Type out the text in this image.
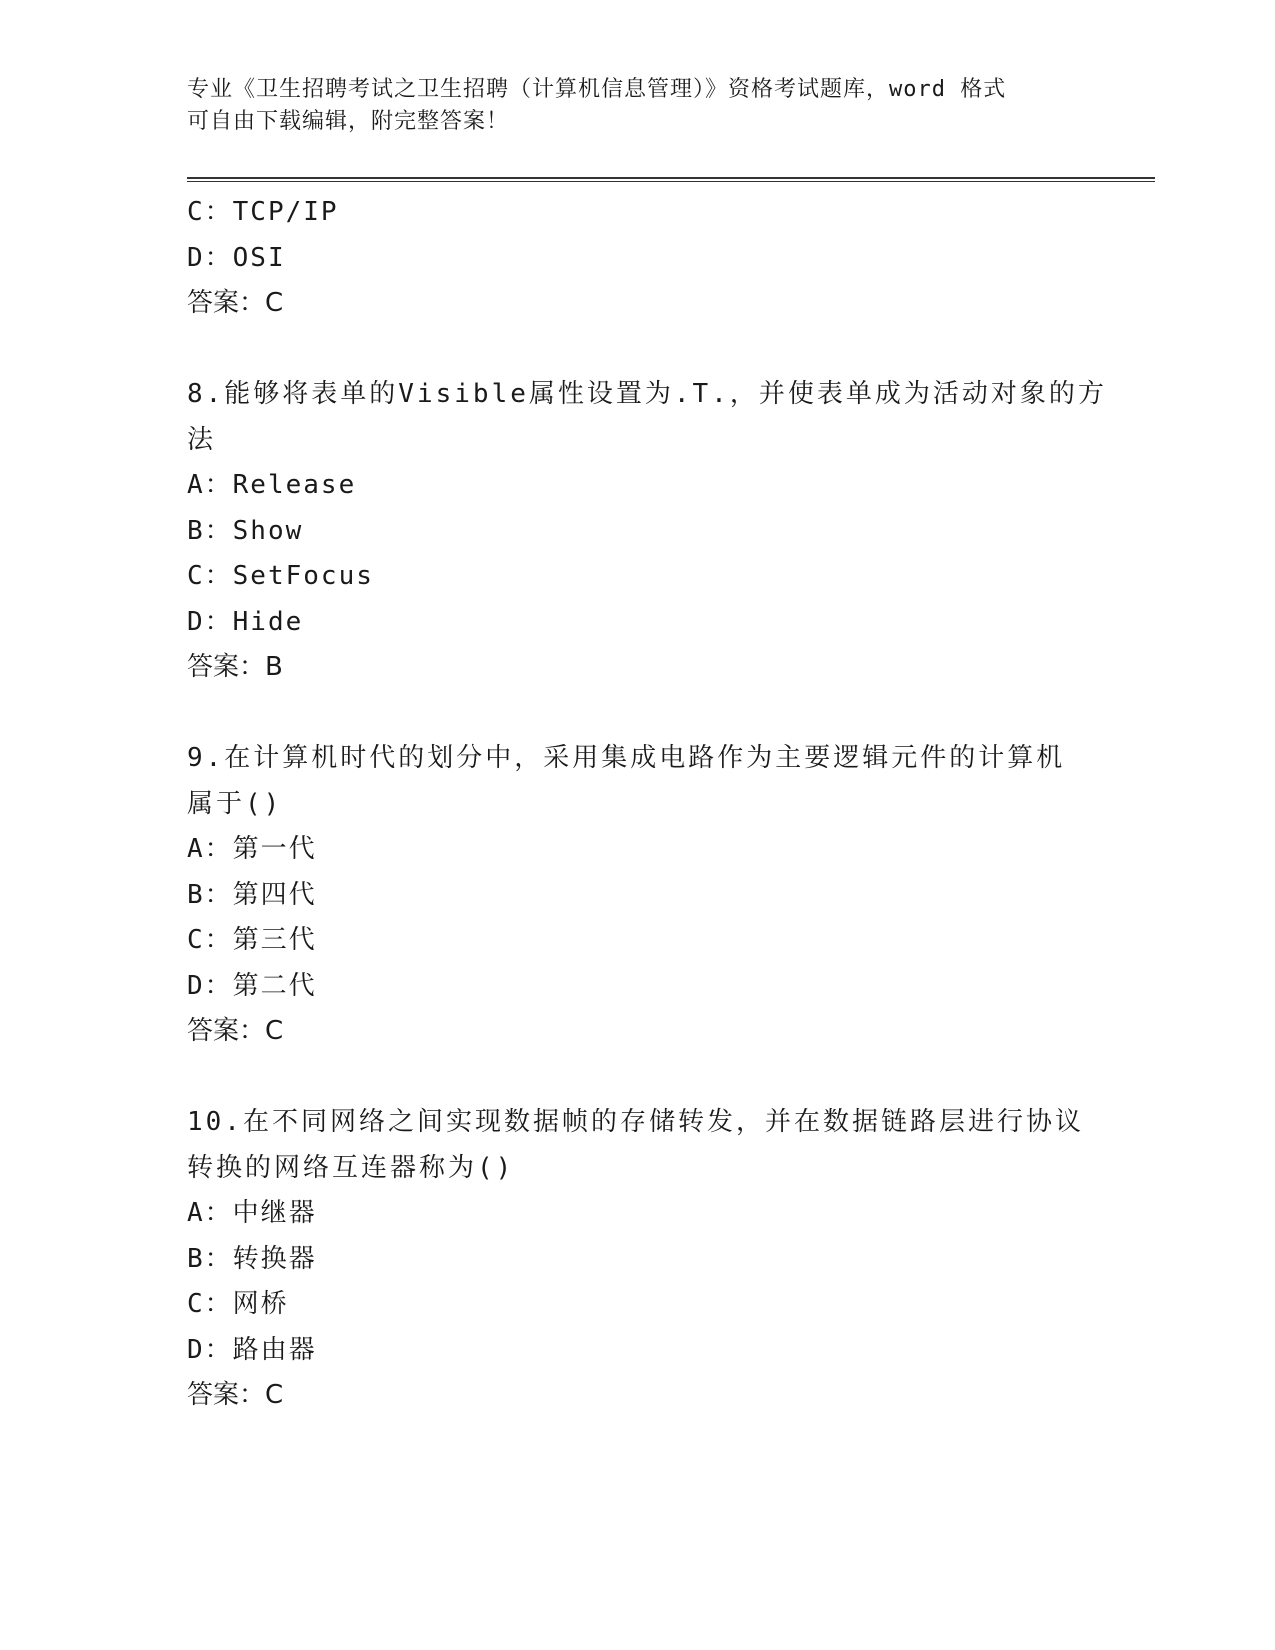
专业《卫生招聘考试之卫生招聘（计算机信息管理）》资格考试题库，word 格式
可自由下载编辑，附完整答案！
C：TCP/IP
D：OSI
答案：C
8.能够将表单的Visible属性设置为.T.，并使表单成为活动对象的方
法
A：Release
B：Show
C：SetFocus
D：Hide
答案：B
9.在计算机时代的划分中，采用集成电路作为主要逻辑元件的计算机
属于()
A：第一代
B：第四代
C：第三代
D：第二代
答案：C
10.在不同网络之间实现数据帧的存储转发，并在数据链路层进行协议
转换的网络互连器称为()
A：中继器
B：转换器
C：网桥
D：路由器
答案：C
